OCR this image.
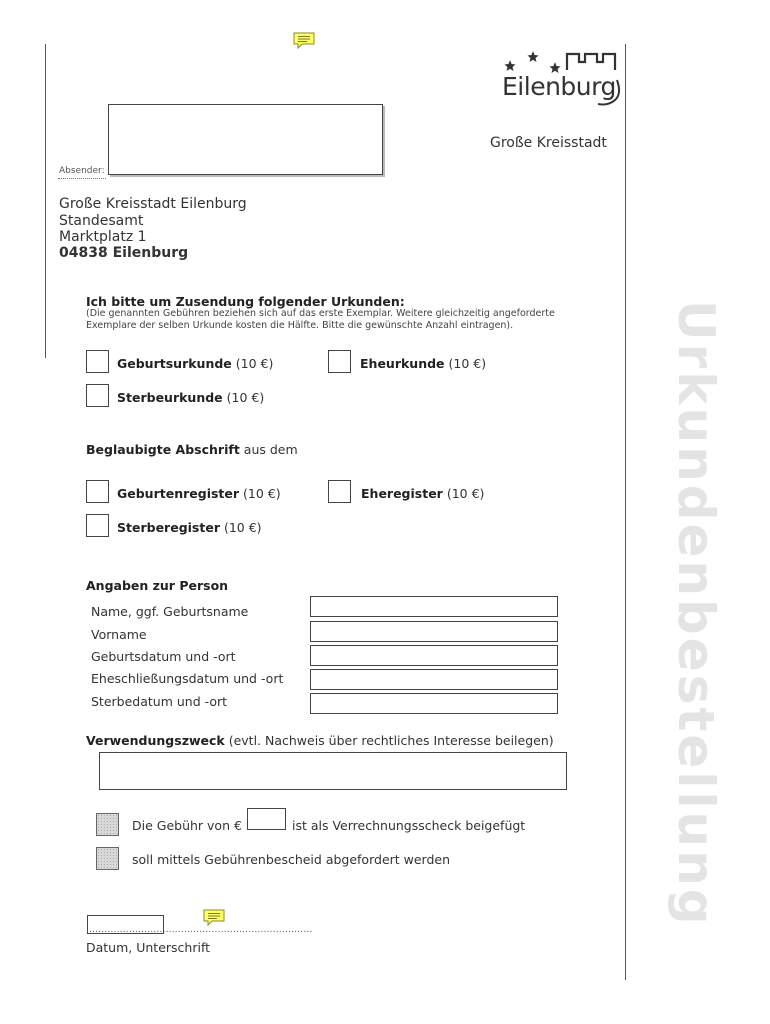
Eilenburg
Große Kreisstadt
Absender:
Große Kreisstadt Eilenburg
Standesamt
Marktplatz 1
04838 Eilenburg
Urkundenbestellung
Ich bitte um Zusendung folgender Urkunden:
(Die genannten Gebühren beziehen sich auf das erste Exemplar. Weitere gleichzeitig angeforderte
Exemplare der selben Urkunde kosten die Hälfte. Bitte die gewünschte Anzahl eintragen).
Geburtsurkunde (10 €)	Eheurkunde (10 €)
Sterbeurkunde (10 €)
Beglaubigte Abschrift aus dem
Geburtenregister (10 €)	Eheregister (10 €)
Sterberegister (10 €)
Angaben zur Person
Name, ggf. Geburtsname
Vorname
Geburtsdatum und -ort
Eheschließungsdatum und -ort
Sterbedatum und -ort
Verwendungszweck (evtl. Nachweis über rechtliches Interesse beilegen)
Die Gebühr von €	ist als Verrechnungsscheck beigefügt
soll mittels Gebührenbescheid abgefordert werden
..........................................................................
Datum, Unterschrift
